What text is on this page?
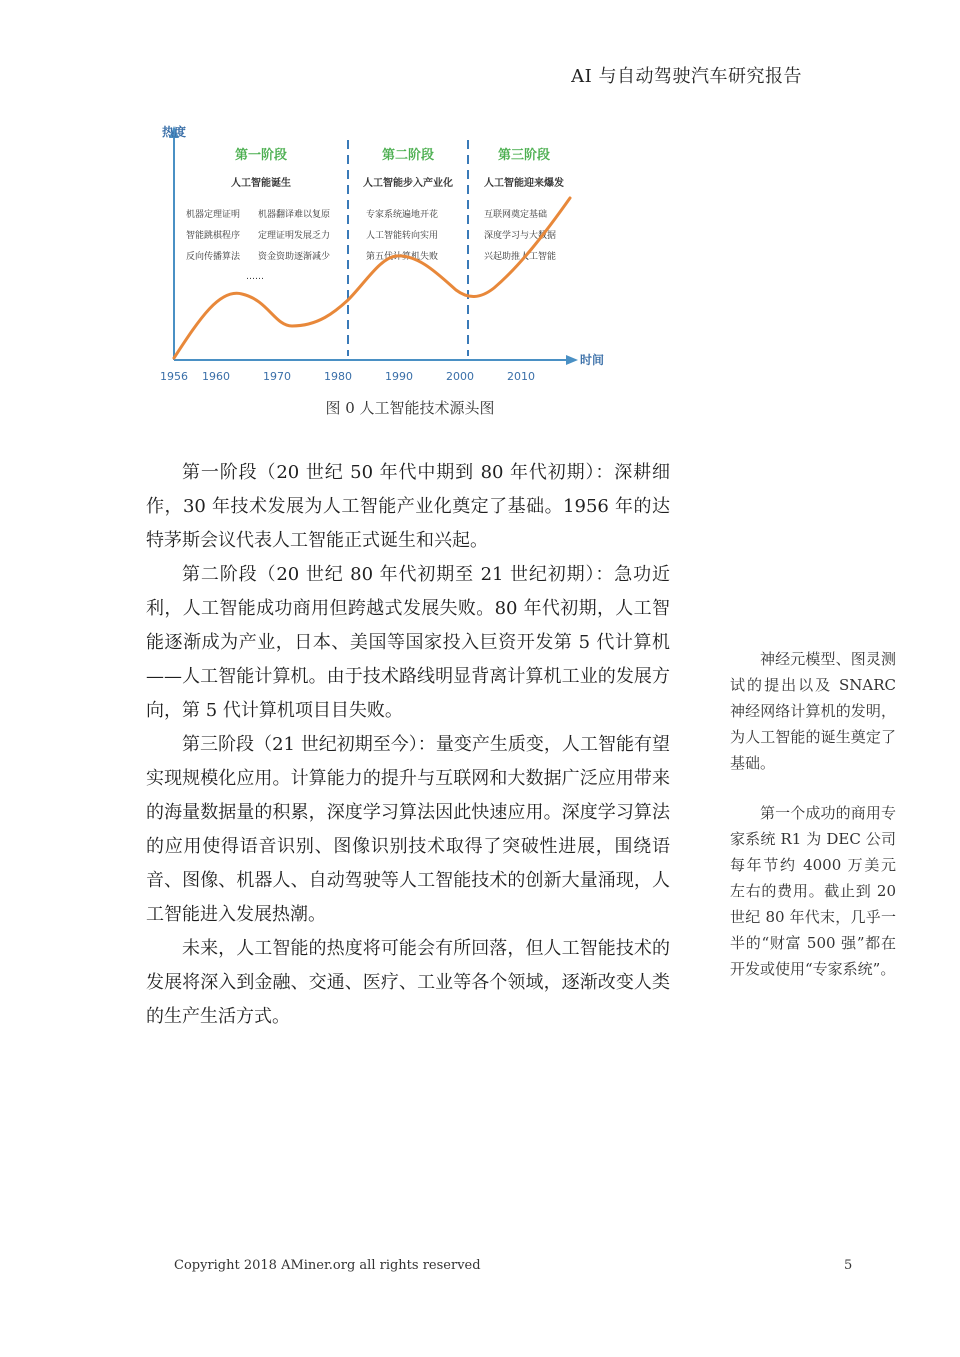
AI 与自动驾驶汽车研究报告
热度
时间
1956 1960	1970	1980	1990	2000	2010
第一阶段
人工智能诞生
机器定理证明
智能跳棋程序
反向传播算法
……
机器翻译难以复原
定理证明发展乏力
资金资助逐渐减少
第二阶段
人工智能步入产业化
专家系统遍地开花
人工智能转向实用
第五代计算机失败
第三阶段
人工智能迎来爆发
互联网奠定基础
深度学习与大数据
兴起助推人工智能
图 0 人工智能技术源头图

第一阶段（20 世纪 50 年代中期到 80 年代初期）：深耕细作，30 年技术发展为人工智能产业化奠定了基础。1956 年的达特茅斯会议代表人工智能正式诞生和兴起。

第二阶段（20 世纪 80 年代初期至 21 世纪初期）：急功近利，人工智能成功商用但跨越式发展失败。80 年代初期，人工智能逐渐成为产业，日本、美国等国家投入巨资开发第 5 代计算机——人工智能计算机。由于技术路线明显背离计算机工业的发展方向，第 5 代计算机项目目失败。

第三阶段（21 世纪初期至今）：量变产生质变，人工智能有望实现规模化应用。计算能力的提升与互联网和大数据广泛应用带来的海量数据量的积累，深度学习算法因此快速应用。深度学习算法的应用使得语音识别、图像识别技术取得了突破性进展，围绕语音、图像、机器人、自动驾驶等人工智能技术的创新大量涌现，人工智能进入发展热潮。

未来，人工智能的热度将可能会有所回落，但人工智能技术的发展将深入到金融、交通、医疗、工业等各个领域，逐渐改变人类的生产生活方式。

神经元模型、图灵测试的提出以及 SNARC 神经网络计算机的发明，为人工智能的诞生奠定了基础。

第一个成功的商用专家系统 R1 为 DEC 公司每年节约 4000 万美元左右的费用。截止到 20 世纪 80 年代末，几乎一半的“财富 500 强”都在开发或使用“专家系统”。

Copyright 2018 AMiner.org all rights reserved	5
